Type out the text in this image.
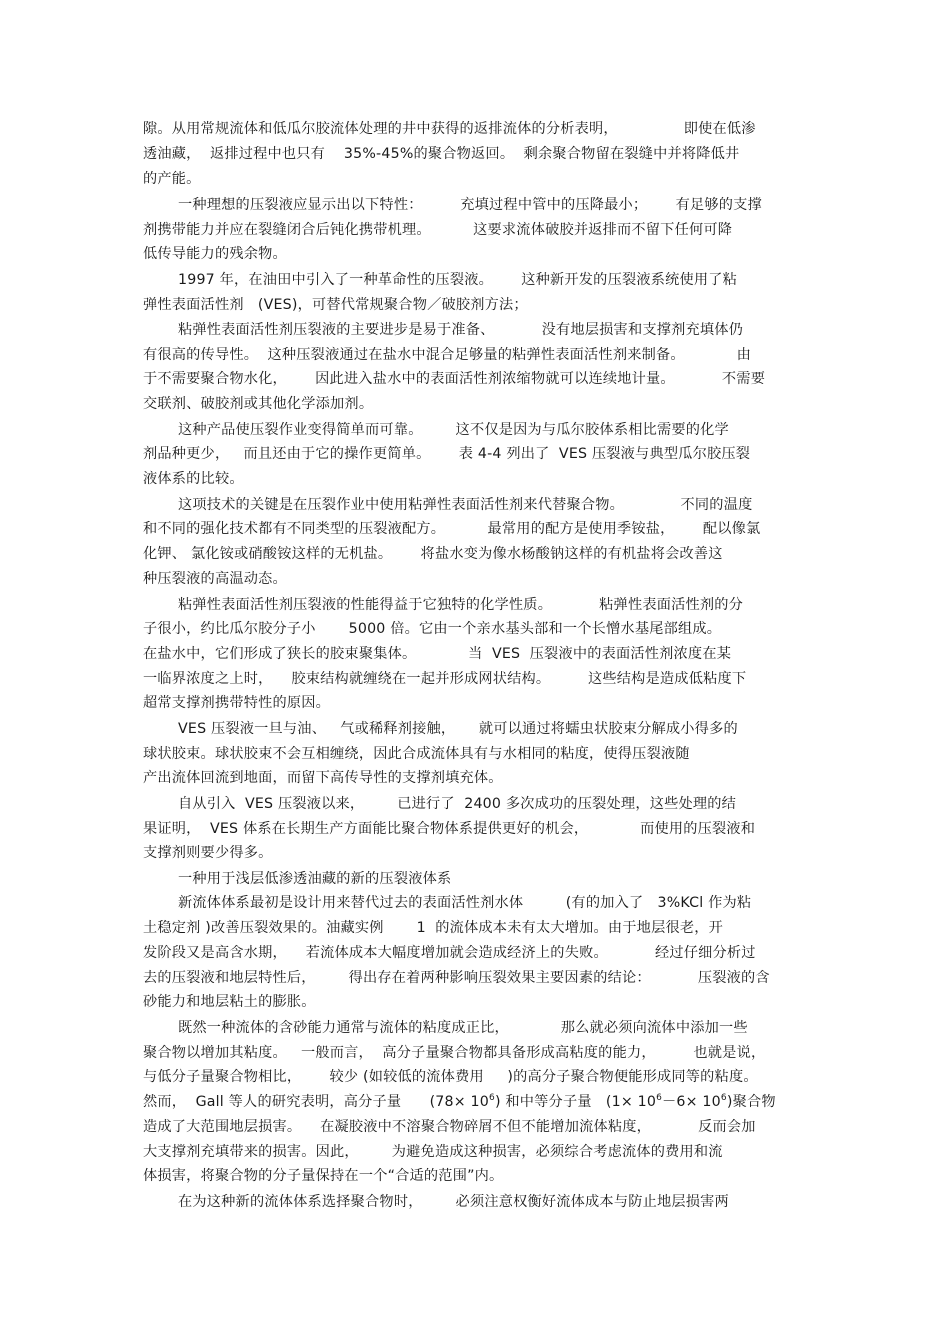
隙。从用常规流体和低瓜尔胶流体处理的井中获得的返排流体的分析表明，              即使在低渗
透油藏，  返排过程中也只有    35%-45%的聚合物返回。  剩余聚合物留在裂缝中并将降低井
的产能。
一种理想的压裂液应显示出以下特性：        充填过程中管中的压降最小；      有足够的支撑
剂携带能力并应在裂缝闭合后钝化携带机理。         这要求流体破胶并返排而不留下任何可降
低传导能力的残余物。
1997 年，在油田中引入了一种革命性的压裂液。      这种新开发的压裂液系统使用了粘
弹性表面活性剂   (VES)，可替代常规聚合物／破胶剂方法；
粘弹性表面活性剂压裂液的主要进步是易于准备、          没有地层损害和支撑剂充填体仍
有很高的传导性。  这种压裂液通过在盐水中混合足够量的粘弹性表面活性剂来制备。           由
于不需要聚合物水化，      因此进入盐水中的表面活性剂浓缩物就可以连续地计量。          不需要
交联剂、破胶剂或其他化学添加剂。
这种产品使压裂作业变得简单而可靠。       这不仅是因为与瓜尔胶体系相比需要的化学
剂品种更少，   而且还由于它的操作更简单。      表 4-4 列出了  VES 压裂液与典型瓜尔胶压裂
液体系的比较。
这项技术的关键是在压裂作业中使用粘弹性表面活性剂来代替聚合物。            不同的温度
和不同的强化技术都有不同类型的压裂液配方。         最常用的配方是使用季铵盐，      配以像氯
化钾、 氯化铵或硝酸铵这样的无机盐。      将盐水变为像水杨酸钠这样的有机盐将会改善这
种压裂液的高温动态。
粘弹性表面活性剂压裂液的性能得益于它独特的化学性质。          粘弹性表面活性剂的分
子很小，约比瓜尔胶分子小       5000 倍。它由一个亲水基头部和一个长憎水基尾部组成。
在盐水中，它们形成了狭长的胶束聚集体。           当  VES  压裂液中的表面活性剂浓度在某
一临界浓度之上时，    胶束结构就缠绕在一起并形成网状结构。        这些结构是造成低粘度下
超常支撑剂携带特性的原因。
VES 压裂液一旦与油、   气或稀释剂接触，     就可以通过将蠕虫状胶束分解成小得多的
球状胶束。球状胶束不会互相缠绕，因此合成流体具有与水相同的粘度，使得压裂液随
产出流体回流到地面，而留下高传导性的支撑剂填充体。
自从引入  VES 压裂液以来，       已进行了  2400 多次成功的压裂处理，这些处理的结
果证明，  VES 体系在长期生产方面能比聚合物体系提供更好的机会，           而使用的压裂液和
支撑剂则要少得多。
一种用于浅层低渗透油藏的新的压裂液体系
新流体体系最初是设计用来替代过去的表面活性剂水体         (有的加入了   3%KCl 作为粘
土稳定剂 )改善压裂效果的。油藏实例       1  的流体成本未有太大增加。由于地层很老，开
发阶段又是高含水期，    若流体成本大幅度增加就会造成经济上的失败。          经过仔细分析过
去的压裂液和地层特性后，       得出存在着两种影响压裂效果主要因素的结论：          压裂液的含
砂能力和地层粘土的膨胀。
既然一种流体的含砂能力通常与流体的粘度成正比，           那么就必须向流体中添加一些
聚合物以增加其粘度。   一般而言，  高分子量聚合物都具备形成高粘度的能力，        也就是说，
与低分子量聚合物相比，      较少 (如较低的流体费用     )的高分子聚合物便能形成同等的粘度。
然而，  Gall 等人的研究表明，高分子量      $(78\times 10^6)$ 和中等分子量   $(1\times 10^6-6\times 10^6)$聚合物
造成了大范围地层损害。    在凝胶液中不溶聚合物碎屑不但不能增加流体粘度，          反而会加
大支撑剂充填带来的损害。因此，       为避免造成这种损害，必须综合考虑流体的费用和流
体损害，将聚合物的分子量保持在一个“合适的范围”内。
在为这种新的流体体系选择聚合物时，       必须注意权衡好流体成本与防止地层损害两
